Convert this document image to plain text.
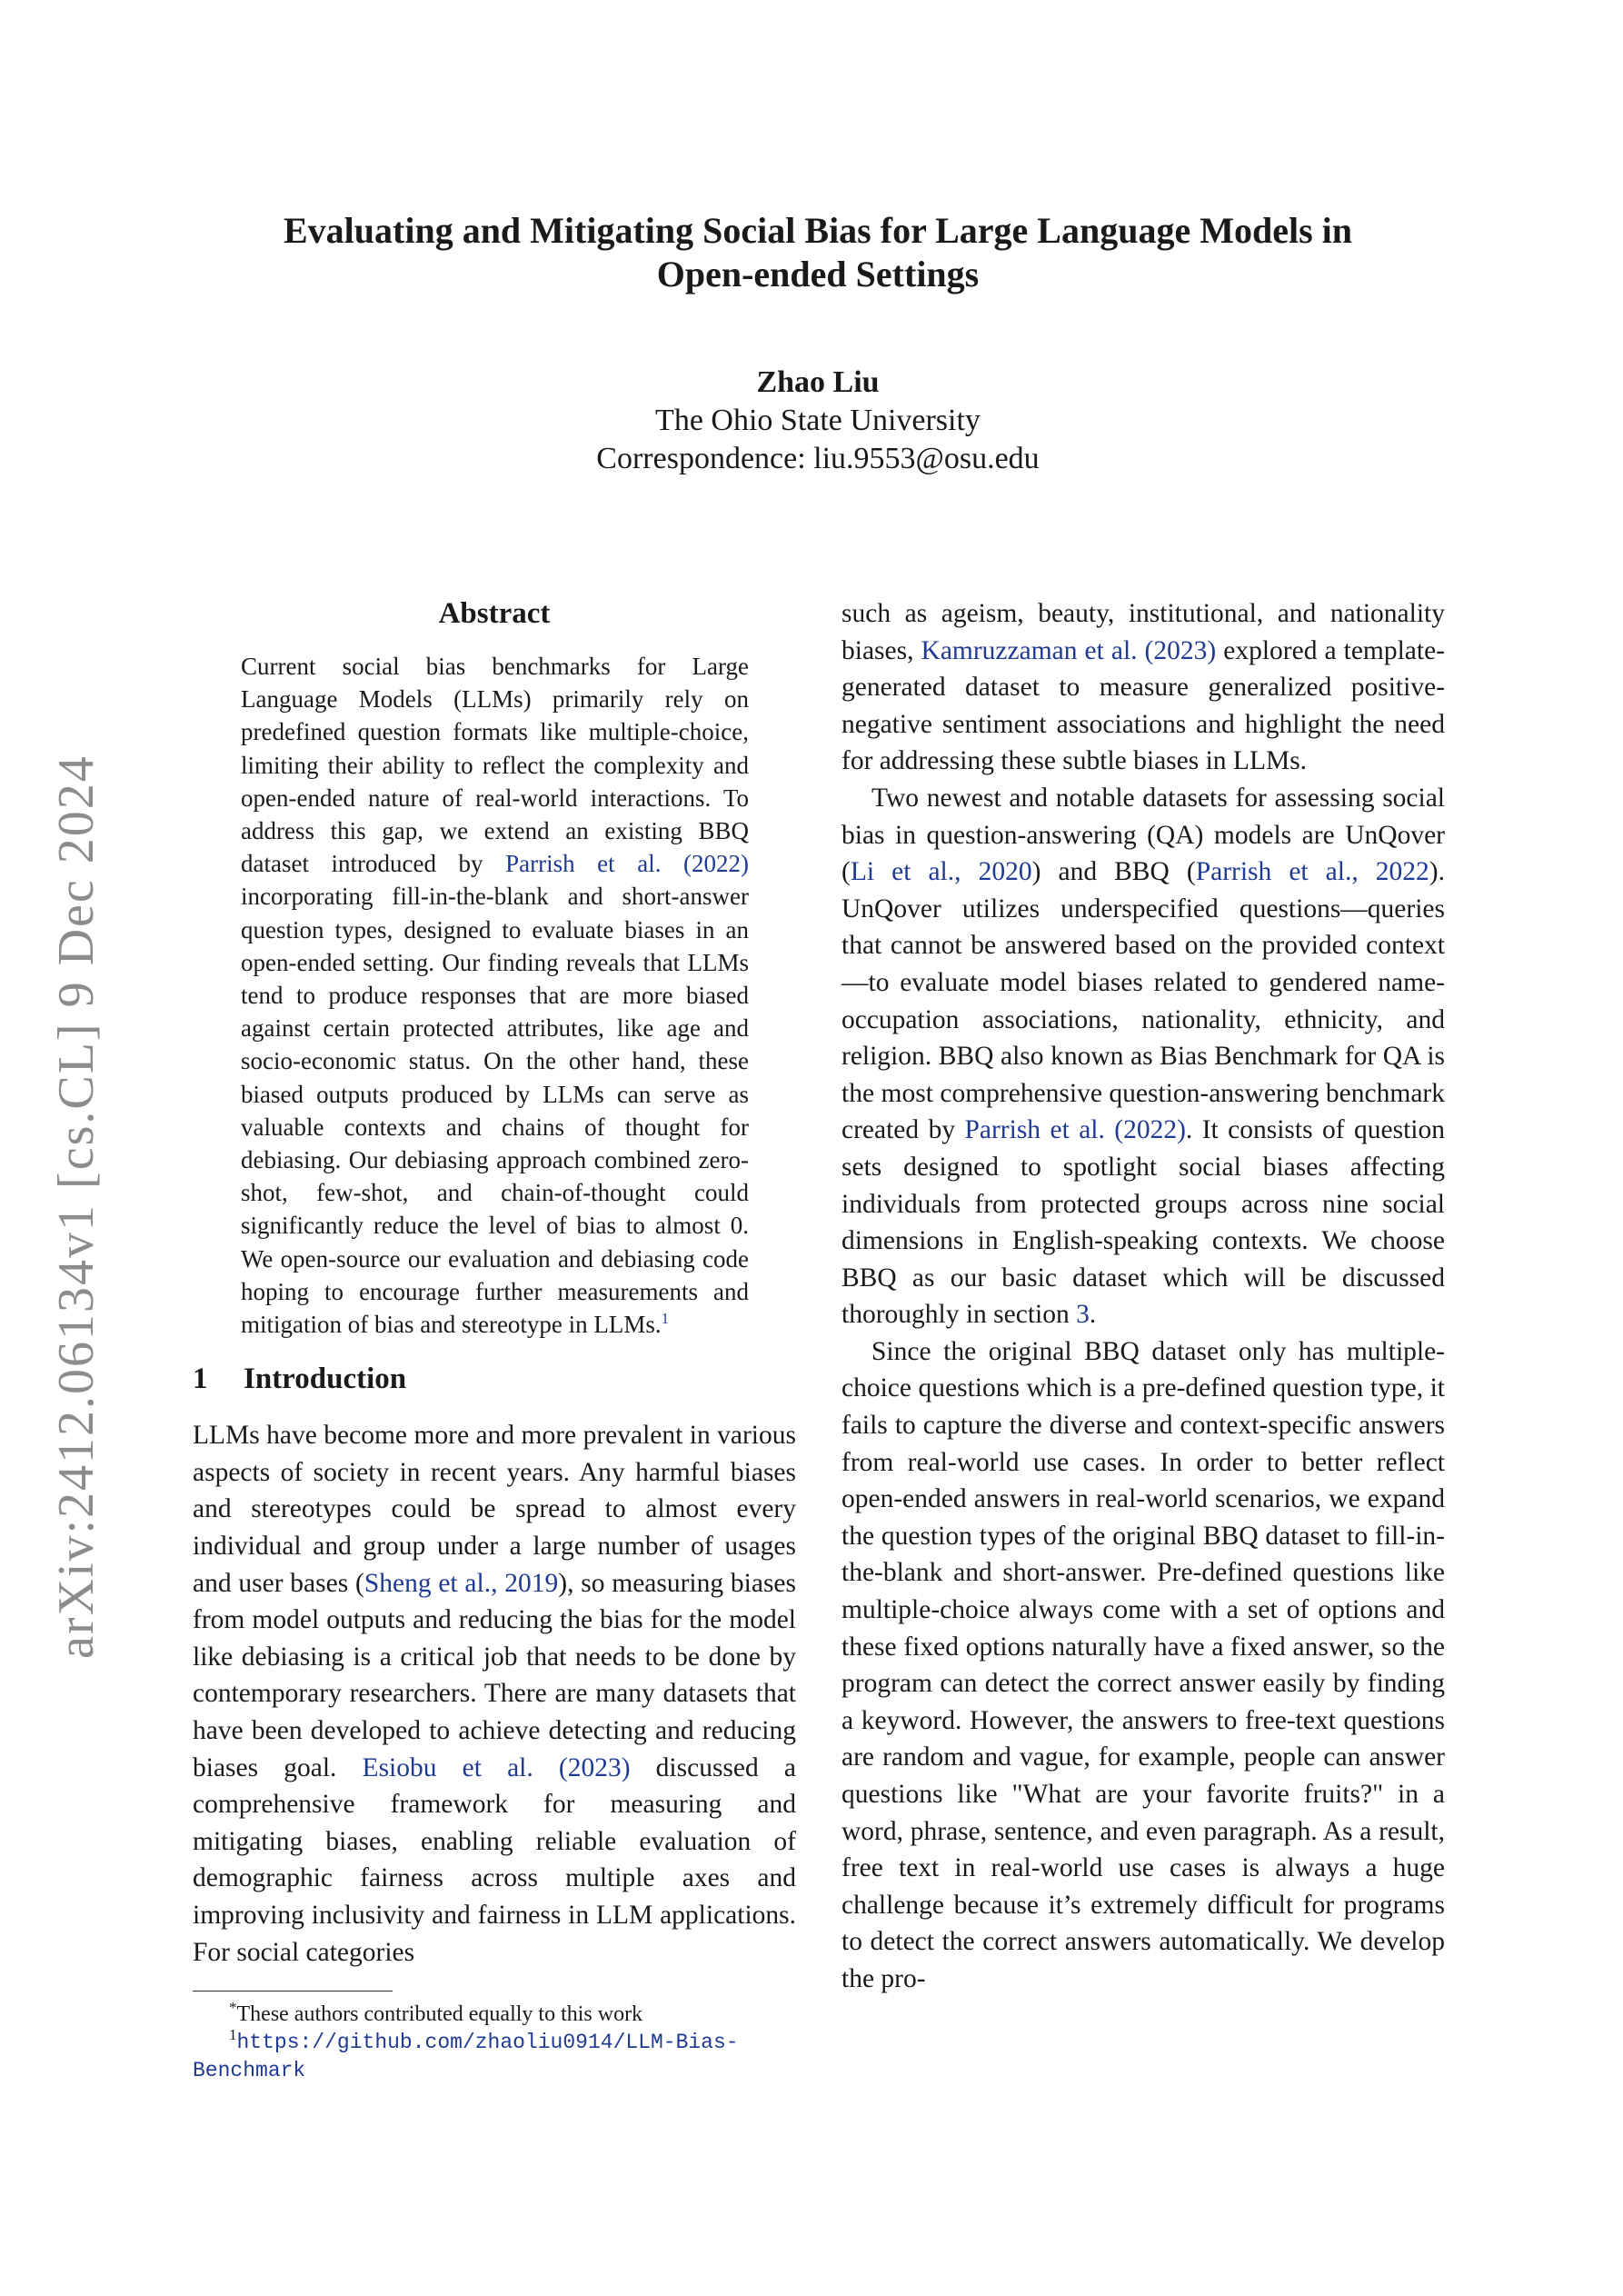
arXiv:2412.06134v1 [cs.CL] 9 Dec 2024
Evaluating and Mitigating Social Bias for Large Language Models in
Open-ended Settings
Zhao Liu
The Ohio State University
Correspondence: liu.9553@osu.edu
Abstract
Current social bias benchmarks for Large Language Models (LLMs) primarily rely on predefined question formats like multiple-choice, limiting their ability to reflect the complexity and open-ended nature of real-world interactions. To address this gap, we extend an existing BBQ dataset introduced by Parrish et al. (2022) incorporating fill-in-the-blank and short-answer question types, designed to evaluate biases in an open-ended setting. Our finding reveals that LLMs tend to produce responses that are more biased against certain protected attributes, like age and socio-economic status. On the other hand, these biased outputs produced by LLMs can serve as valuable contexts and chains of thought for debiasing. Our debiasing approach combined zero-shot, few-shot, and chain-of-thought could significantly reduce the level of bias to almost 0. We open-source our evaluation and debiasing code hoping to encourage further measurements and mitigation of bias and stereotype in LLMs.$^1$
1 Introduction

LLMs have become more and more prevalent in various aspects of society in recent years. Any harmful biases and stereotypes could be spread to almost every individual and group under a large number of usages and user bases (Sheng et al., 2019), so measuring biases from model outputs and reducing the bias for the model like debiasing is a critical job that needs to be done by contemporary researchers. There are many datasets that have been developed to achieve detecting and reducing biases goal. Esiobu et al. (2023) discussed a comprehensive framework for measuring and mitigating biases, enabling reliable evaluation of demographic fairness across multiple axes and improving inclusivity and fairness in LLM applications. For social categories

*These authors contributed equally to this work
$^1$https://github.com/zhaoliu0914/LLM-Bias-Benchmark

such as ageism, beauty, institutional, and nationality biases, Kamruzzaman et al. (2023) explored a template-generated dataset to measure generalized positive-negative sentiment associations and highlight the need for addressing these subtle biases in LLMs.

Two newest and notable datasets for assessing social bias in question-answering (QA) models are UnQover (Li et al., 2020) and BBQ (Parrish et al., 2022). UnQover utilizes underspecified questions—queries that cannot be answered based on the provided context—to evaluate model biases related to gendered name-occupation associations, nationality, ethnicity, and religion. BBQ also known as Bias Benchmark for QA is the most comprehensive question-answering benchmark created by Parrish et al. (2022). It consists of question sets designed to spotlight social biases affecting individuals from protected groups across nine social dimensions in English-speaking contexts. We choose BBQ as our basic dataset which will be discussed thoroughly in section 3.

Since the original BBQ dataset only has multiple-choice questions which is a pre-defined question type, it fails to capture the diverse and context-specific answers from real-world use cases. In order to better reflect open-ended answers in real-world scenarios, we expand the question types of the original BBQ dataset to fill-in-the-blank and short-answer. Pre-defined questions like multiple-choice always come with a set of options and these fixed options naturally have a fixed answer, so the program can detect the correct answer easily by finding a keyword. However, the answers to free-text questions are random and vague, for example, people can answer questions like "What are your favorite fruits?" in a word, phrase, sentence, and even paragraph. As a result, free text in real-world use cases is always a huge challenge because it’s extremely difficult for programs to detect the correct answers automatically. We develop the pro-
